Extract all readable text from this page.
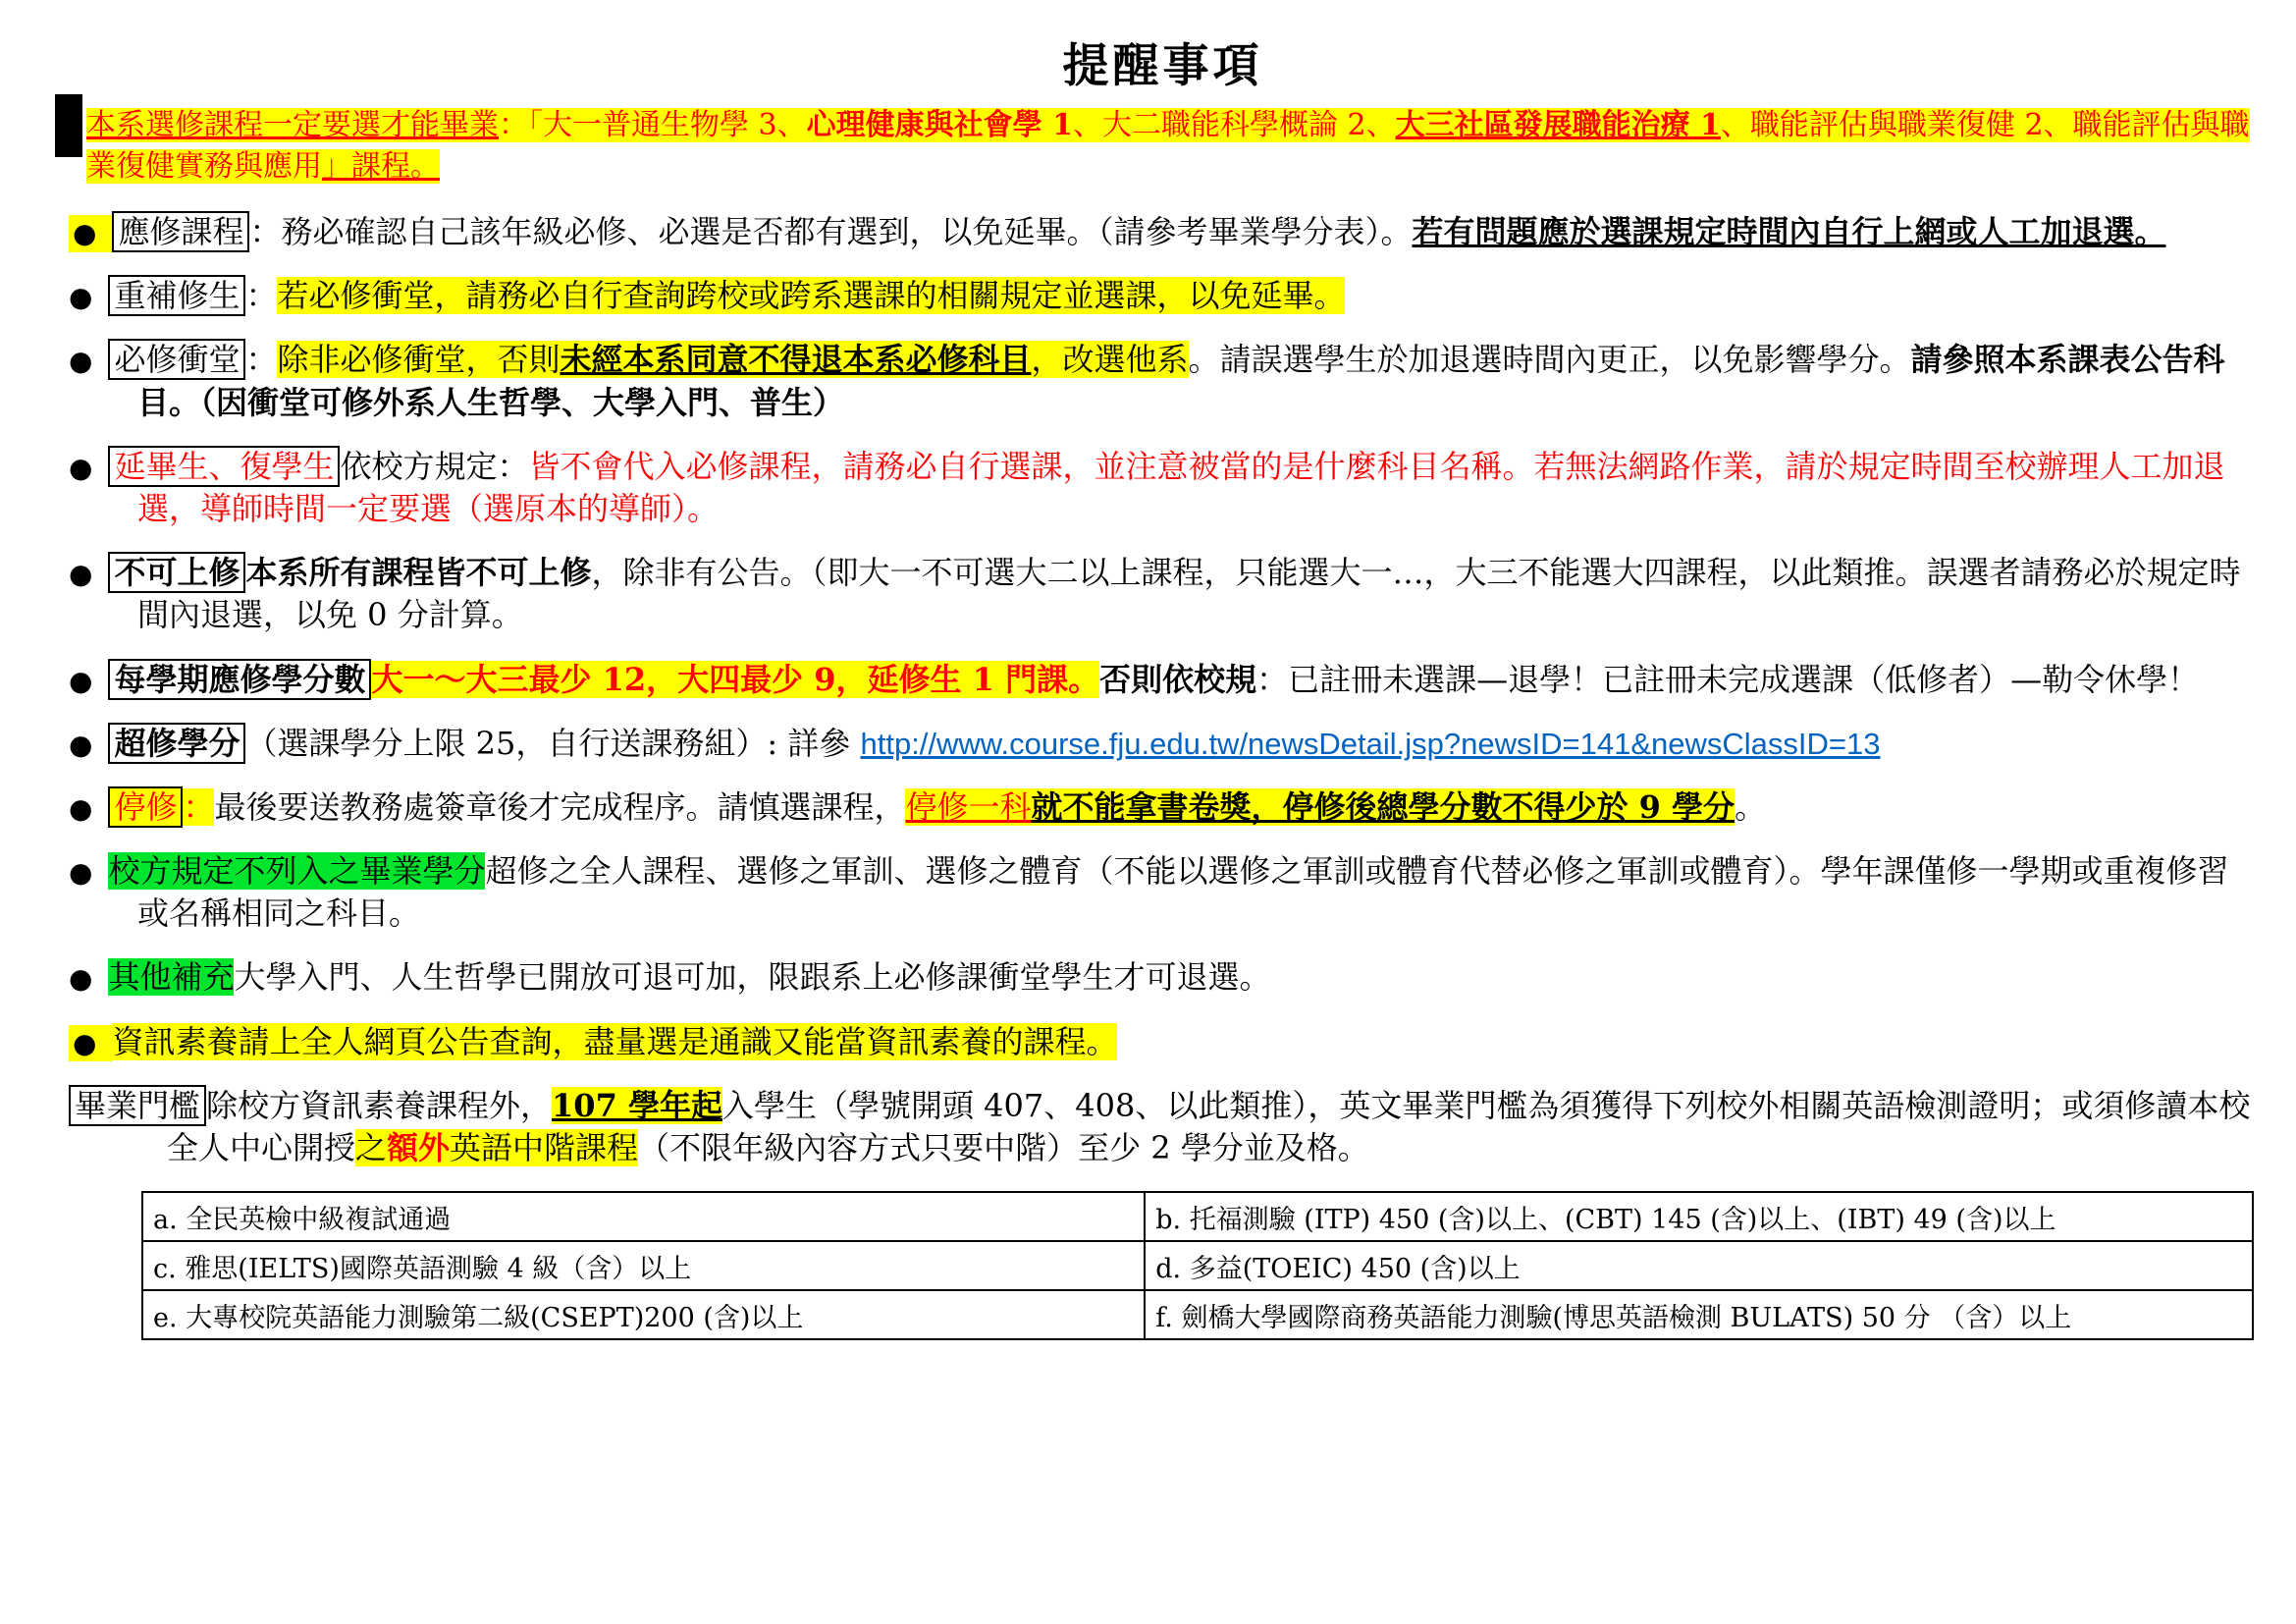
提醒事項

本系選修課程一定要選才能畢業：「大一普通生物學 3、心理健康與社會學 1、大二職能科學概論 2、大三社區發展職能治療 1、職能評估與職業復健 2、職能評估與職業復健實務與應用」課程。

● 應修課程 ：務必確認自己該年級必修、必選是否都有選到，以免延畢。（請參考畢業學分表）。若有問題應於選課規定時間內自行上網或人工加退選。
● 重補修生 ：若必修衝堂，請務必自行查詢跨校或跨系選課的相關規定並選課，以免延畢。
● 必修衝堂 ：除非必修衝堂，否則未經本系同意不得退本系必修科目，改選他系。請誤選學生於加退選時間內更正，以免影響學分。請參照本系課表公告科目。（因衝堂可修外系人生哲學、大學入門、普生）
● 延畢生、復學生 依校方規定：皆不會代入必修課程，請務必自行選課，並注意被當的是什麼科目名稱。若無法網路作業，請於規定時間至校辦理人工加退選，導師時間一定要選（選原本的導師）。
● 不可上修 本系所有課程皆不可上修，除非有公告。（即大一不可選大二以上課程，只能選大一…，大三不能選大四課程，以此類推。誤選者請務必於規定時間內退選，以免 0 分計算。
● 每學期應修學分數 大一～大三最少 12，大四最少 9，延修生 1 門課。否則依校規：已註冊未選課—退學！已註冊未完成選課（低修者）—勒令休學！
● 超修學分 （選課學分上限 25，自行送課務組）: 詳參 http://www.course.fju.edu.tw/newsDetail.jsp?newsID=141&newsClassID=13
● 停修 ：最後要送教務處簽章後才完成程序。請慎選課程，停修一科就不能拿書卷獎，停修後總學分數不得少於 9 學分。
● 校方規定不列入之畢業學分超修之全人課程、選修之軍訓、選修之體育（不能以選修之軍訓或體育代替必修之軍訓或體育）。學年課僅修一學期或重複修習或名稱相同之科目。
● 其他補充大學入門、人生哲學已開放可退可加，限跟系上必修課衝堂學生才可退選。
● 資訊素養請上全人網頁公告查詢，盡量選是通識又能當資訊素養的課程。
畢業門檻 除校方資訊素養課程外，107 學年起入學生（學號開頭 407、408、以此類推），英文畢業門檻為須獲得下列校外相關英語檢測證明；或須修讀本校全人中心開授之額外英語中階課程（不限年級內容方式只要中階）至少 2 學分並及格。
a. 全民英檢中級複試通過	b. 托福測驗 (ITP) 450 (含)以上、(CBT) 145 (含)以上、(IBT) 49 (含)以上
c. 雅思(IELTS)國際英語測驗 4 級（含）以上	d. 多益(TOEIC) 450 (含)以上
e. 大專校院英語能力測驗第二級(CSEPT)200 (含)以上	f. 劍橋大學國際商務英語能力測驗(博思英語檢測 BULATS) 50 分 （含）以上
